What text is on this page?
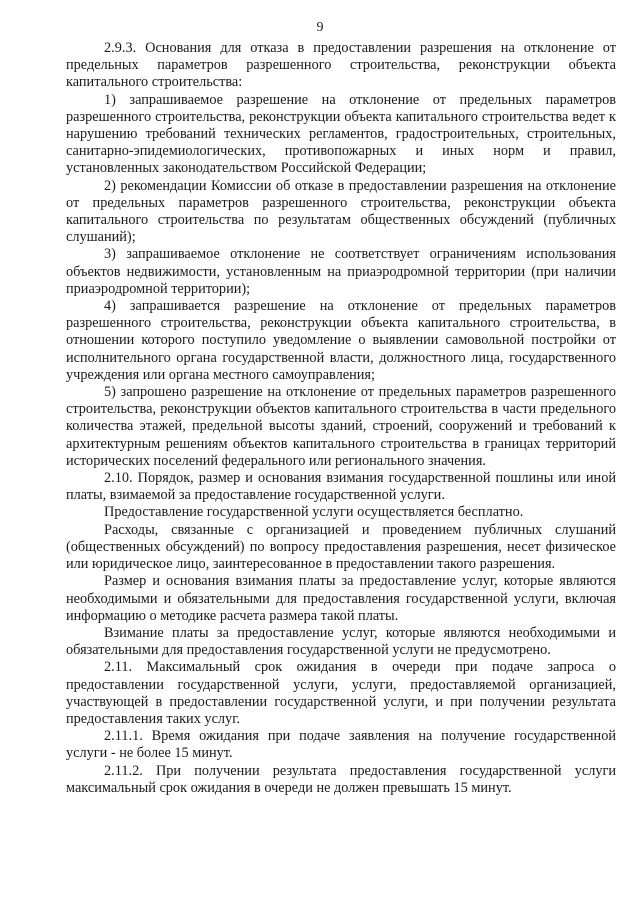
9

2.9.3. Основания для отказа в предоставлении разрешения на отклонение от предельных параметров разрешенного строительства, реконструкции объекта капитального строительства:

1) запрашиваемое разрешение на отклонение от предельных параметров разрешенного строительства, реконструкции объекта капитального строительства ведет к нарушению требований технических регламентов, градостроительных, строительных, санитарно-эпидемиологических, противопожарных и иных норм и правил, установленных законодательством Российской Федерации;

2) рекомендации Комиссии об отказе в предоставлении разрешения на отклонение от предельных параметров разрешенного строительства, реконструкции объекта капитального строительства по результатам общественных обсуждений (публичных слушаний);

3) запрашиваемое отклонение не соответствует ограничениям использования объектов недвижимости, установленным на приаэродромной территории (при наличии приаэродромной территории);

4) запрашивается разрешение на отклонение от предельных параметров разрешенного строительства, реконструкции объекта капитального строительства, в отношении которого поступило уведомление о выявлении самовольной постройки от исполнительного органа государственной власти, должностного лица, государственного учреждения или органа местного самоуправления;

5) запрошено разрешение на отклонение от предельных параметров разрешенного строительства, реконструкции объектов капитального строительства в части предельного количества этажей, предельной высоты зданий, строений, сооружений и требований к архитектурным решениям объектов капитального строительства в границах территорий исторических поселений федерального или регионального значения.

2.10. Порядок, размер и основания взимания государственной пошлины или иной платы, взимаемой за предоставление государственной услуги.

Предоставление государственной услуги осуществляется бесплатно.

Расходы, связанные с организацией и проведением публичных слушаний (общественных обсуждений) по вопросу предоставления разрешения, несет физическое или юридическое лицо, заинтересованное в предоставлении такого разрешения.

Размер и основания взимания платы за предоставление услуг, которые являются необходимыми и обязательными для предоставления государственной услуги, включая информацию о методике расчета размера такой платы.

Взимание платы за предоставление услуг, которые являются необходимыми и обязательными для предоставления государственной услуги не предусмотрено.

2.11. Максимальный срок ожидания в очереди при подаче запроса о предоставлении государственной услуги, услуги, предоставляемой организацией, участвующей в предоставлении государственной услуги, и при получении результата предоставления таких услуг.

2.11.1. Время ожидания при подаче заявления на получение государственной услуги - не более 15 минут.

2.11.2. При получении результата предоставления государственной услуги максимальный срок ожидания в очереди не должен превышать 15 минут.
